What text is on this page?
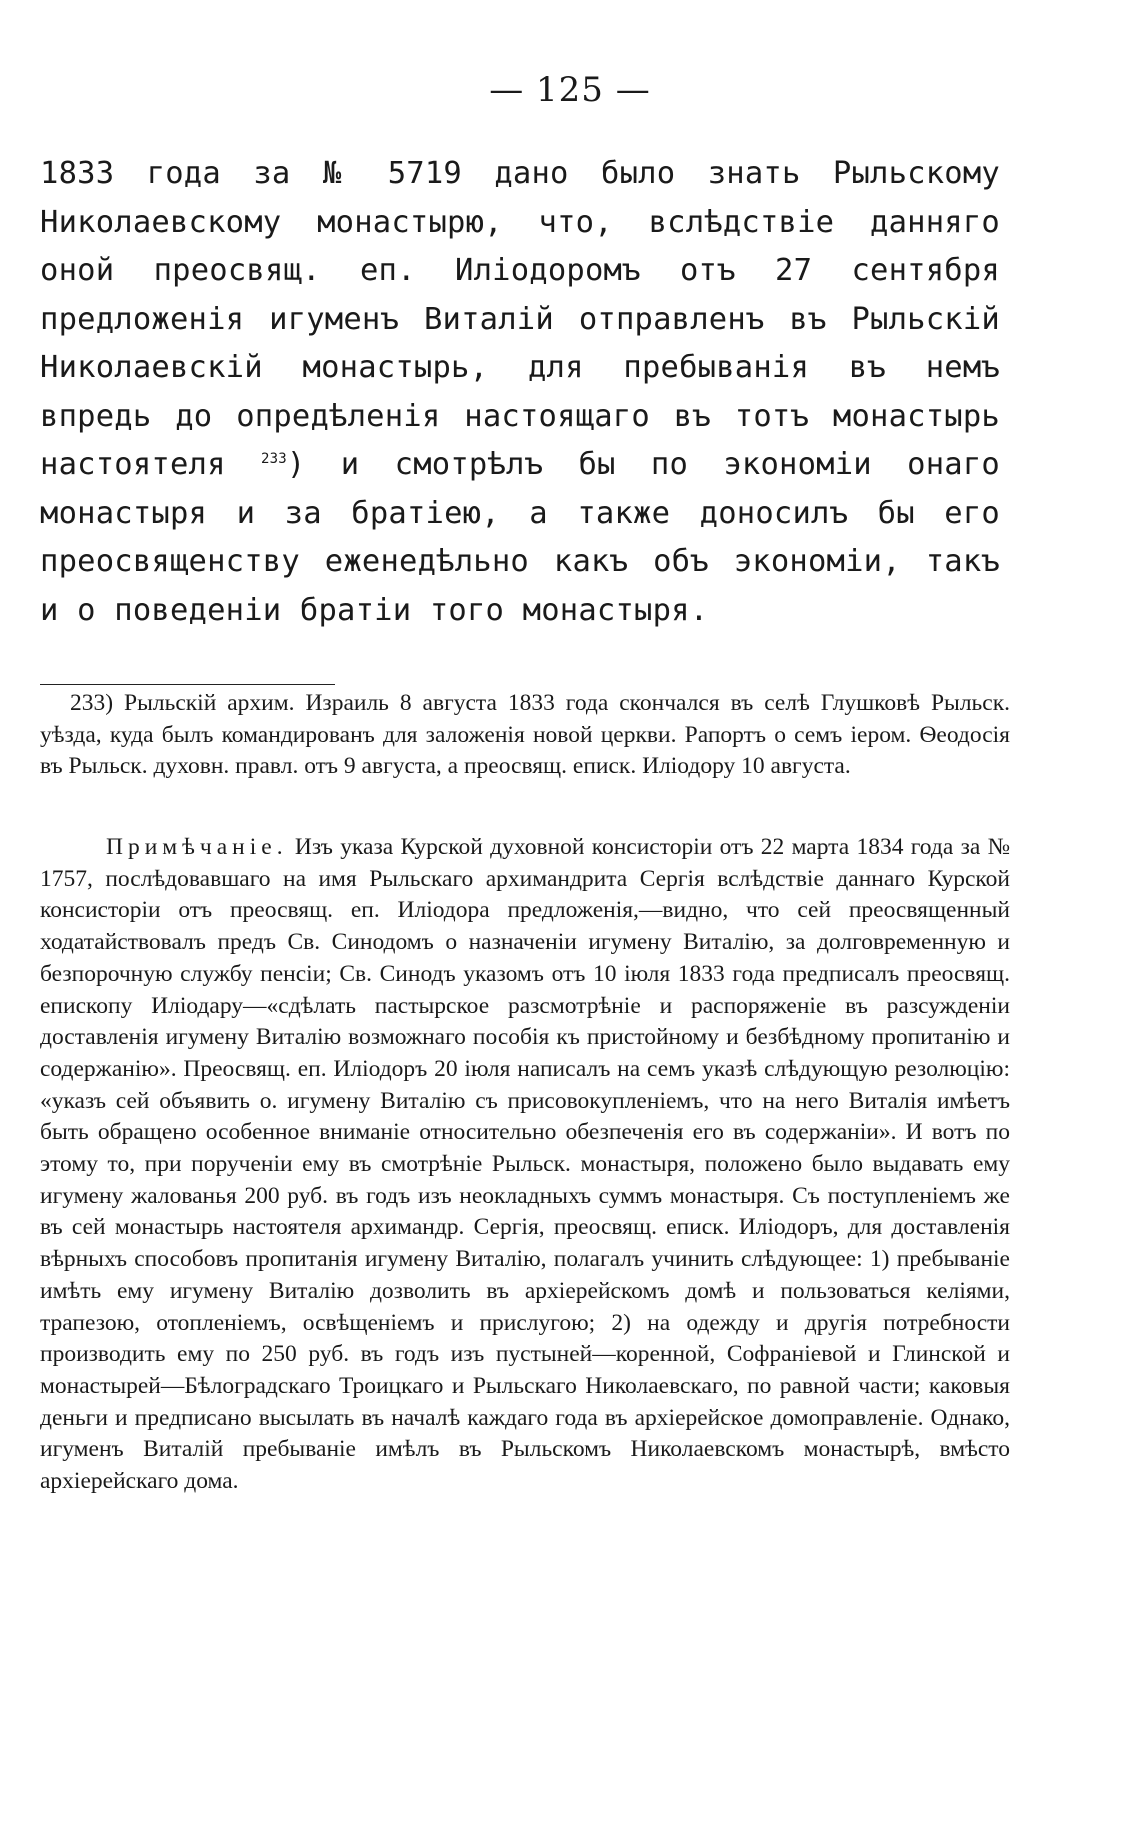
— 125 —
1833 года за № 5719 дано было знать Рыльскому Николаевскому монастырю, что, вслѣдствіе данняго оной преосвящ. еп. Иліодоромъ отъ 27 сентября предложенія игуменъ Виталій отправленъ въ Рыльскій Николаевскій монастырь, для пребыванія въ немъ впредь до опредѣленія настоящаго въ тотъ монастырь настоятеля	$^{233}$) и смотрѣлъ бы по экономіи онаго монастыря и за братіею, а также доносилъ бы его преосвященству еженедѣльно какъ объ экономіи, такъ и о поведеніи братіи того монастыря.
233) Рыльскій архим. Израиль 8 августа 1833 года скончался въ селѣ Глушковѣ Рыльск. уѣзда, куда былъ командированъ для заложенія новой церкви. Рапортъ о семъ іером. Ѳеодосія въ Рыльск. духовн. правл. отъ 9 августа, а преосвящ. епиcк. Иліодору 10 августа.
Примѣчаніе. Изъ указа Курской духовной консисторіи отъ 22 марта 1834 года за № 1757, послѣдовавшаго на имя Рыльскаго архимандрита Сергія вслѣдствіе даннаго Курской консисторіи отъ преосвящ. еп. Иліодора предложенія,—видно, что сей преосвященный ходатайствовалъ предъ Св. Синодомъ о назначеніи игумену Виталію, за долговременную и безпорочную службу пенсіи; Св. Синодъ указомъ отъ 10 іюля 1833 года предписалъ преосвящ. епископу Иліодару—«сдѣлать пастырское разсмотрѣніе и распоряженіе въ разсужденіи доставленія игумену Виталію возможнаго пособія къ пристойному и безбѣдному пропитанію и содержанію». Преосвящ. еп. Иліодоръ 20 іюля написалъ на семъ указѣ слѣдующую резолюцію: «указъ сей объявить о. игумену Виталію съ присовокупленіемъ, что на него Виталія имѣетъ быть обращено особенное вниманіе относительно обезпеченія его въ содержаніи». И вотъ по этому то, при порученіи ему въ смотрѣніе Рыльск. монастыря, положено было выдавать ему игумену жалованья 200 руб. въ годъ изъ неокладныхъ суммъ монастыря. Съ поступленіемъ же въ сей монастырь настоятеля архимандр. Сергія, преосвящ. еписк. Иліодоръ, для доставленія вѣрныхъ способовъ пропитанія игумену Виталію, полагалъ учинить слѣдующее: 1) пребываніе имѣть ему игумену Виталію дозволить въ архіерейскомъ домѣ и пользоваться келіями, трапезою, отопленіемъ, освѣщеніемъ и прислугою; 2) на одежду и другія потребности производить ему по 250 руб. въ годъ изъ пустыней—коренной, Софраніевой и Глинской и монастырей—Бѣлоградскаго Троицкаго и Рыльскаго Николаевскаго, по равной части; каковыя деньги и предписано высылать въ началѣ каждаго года въ архіерейское домоправленіе. Однако, игуменъ Виталій пребываніе имѣлъ въ Рыльскомъ Николаевскомъ монастырѣ, вмѣсто архіерейскаго дома.
